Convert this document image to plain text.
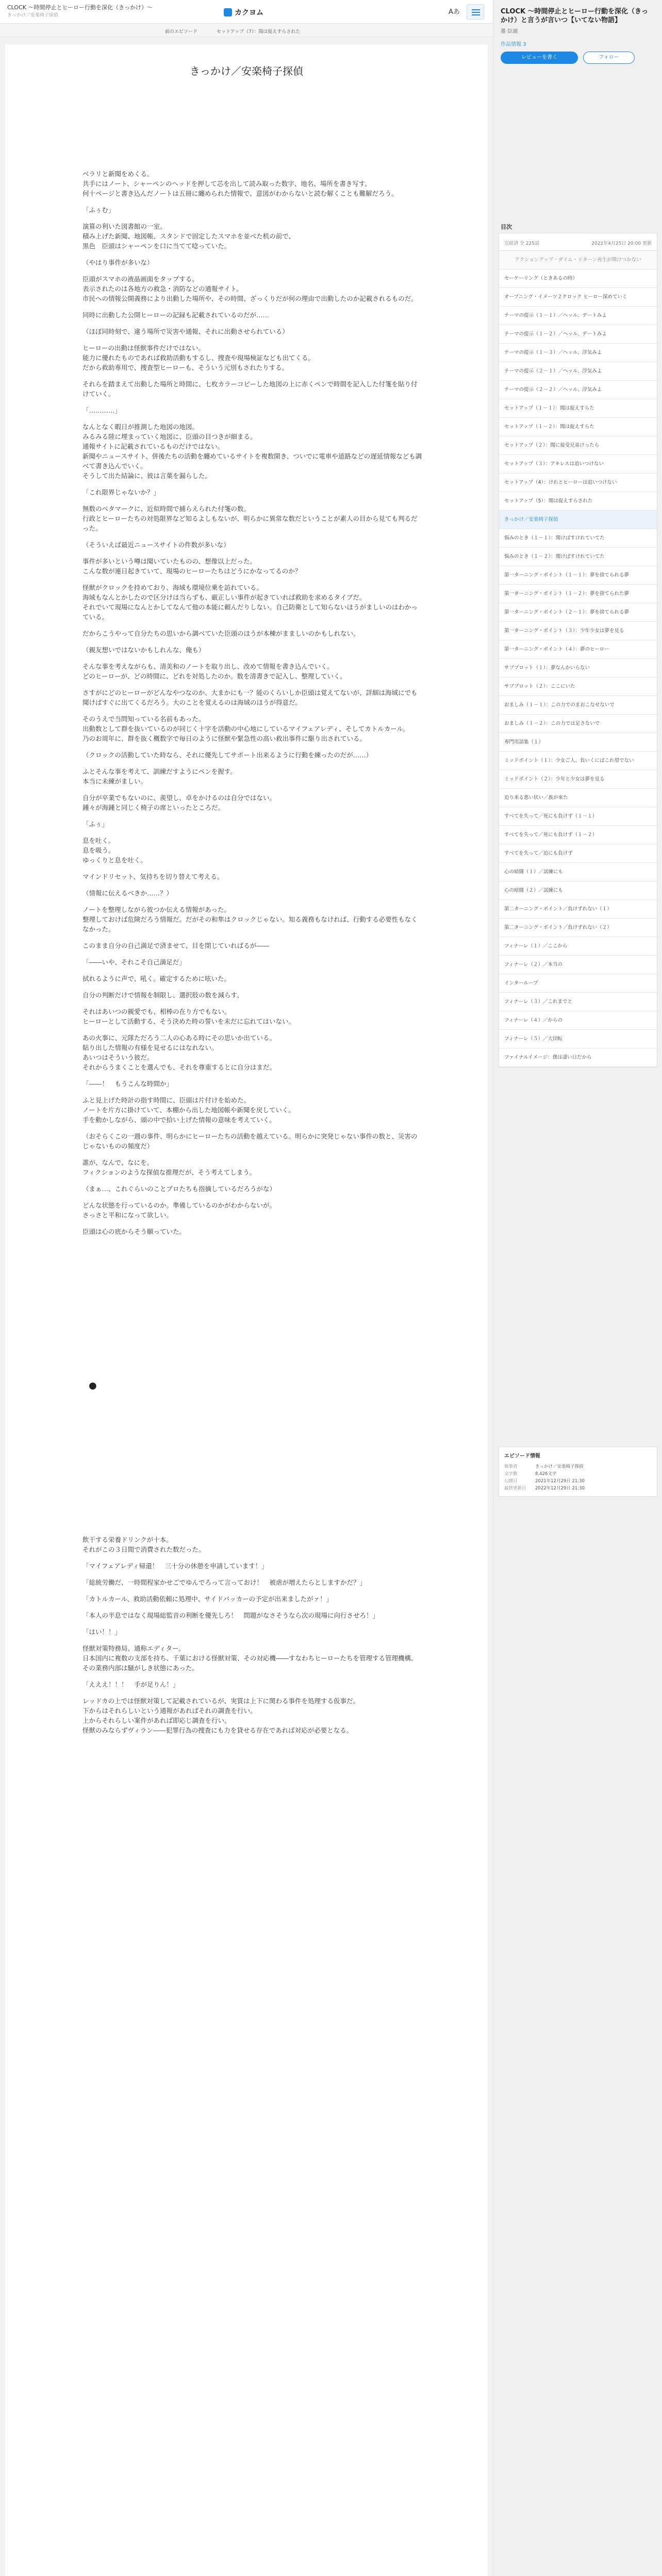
CLOCK 〜時間停止とヒーロー行動を深化（きっかけ）〜
きっかけ／安楽椅子探偵	カクヨム	Aあ
前のエピソード	セットアップ（7）：聞は捉えすらされた
きっかけ／安楽椅子探偵

ベラリと新聞をめくる。
共手にはノート、シャーペンのヘッドを押して芯を出して読み取った数字、地名、場所を書き写す。
何十ページと書き込んだノートは五冊に纏められた情報で、意図がわからないと読む解くことも難解だろう。

「ふぅむ」

演算の利いた図書館の一室。
積み上げた新聞、地図帳、スタンドで固定したスマホを並べた机の前で、
黒色　臣頭はシャーペンを口に当てて唸っていた。

（やはり事件が多いな）

臣頭がスマホの液晶画面をタップする。
表示されたのは各地方の救急・消防などの通報サイト。
市民への情報公開義務により出動した場所や、その時間、ざっくりだが何の理由で出動したのか記載されるものだ。

同時に出動した公開ヒーローの記録も記載されているのだが……

（ほぼ同時刻で、違う場所で災害や通報、それに出動させられている）

ヒーローの出動は怪獣事件だけではない。
能力に優れたものであれば救助活動もするし、捜査や現場検証なども出てくる。
だから救助専用で、捜査型ヒーローも、そういう元別もされたりする。

それらを踏まえて出動した場所と時間に、七枚カラーコピーした地図の上に赤くペンで時間を記入した付箋を貼り付けていく。

「…………」

なんとなく暇日が推測した地図の地図。
みるみる陸に埋まっていく地図に、臣頭の目つきが細まる。
通報サイトに記載されているものだけではない。
新聞やニュースサイト、併後たちの活動を纏めているサイトを複数開き、ついでに電車や道路などの遅延情報なども調べて書き込んでいく。
そうして出た結論に、彼は言葉を漏らした。

「これ限界じゃないか？」

無数のベタマークに、近似時間で捕らえられた付箋の数。
行政とヒーローたちの対処限界など知るよしもないが、明らかに異常な数だということが素人の目から見ても判るだった。

（そういえば最近ニュースサイトの件数が多いな）

事件が多いという噂は聞いていたものの、想像以上だった。
こんな数が連日起きていて、現場のヒーローたちはどうにかなってるのか？

怪獣がクロックを持めており、海域も環境位乗を訪れている。
海域もなんとかしたので区分けは当らずも、厳正しい事件が起きていれば救助を求めるタイプだ。
それでいて現場になんとかしてなんて他の本能に頼んだりしない。自己防衛として知らないほうがましいのはわかっている。

だからこうやって自分たちの思いから調べていた臣頭のほうが本棟がまましいのかもしれない。

（親友想いではないかもしれんな、俺も）

そんな事を考えながらも、清美和のノートを取り出し、改めて情報を書き込んでいく。
どのヒーローが、どの時間に、どれを対処したのか。数を清書きで記入し、整理していく。

さすがにどのヒーローがどんなやつなのか、大まかにも一？能のくらいしか臣頭は覚えてないが、詳細は海域にでも聞けばすぐに出てくるだろう。大のことを覚えるのは海域のほうが得意だ。

そのうえで当問知っている名前もあった。
出動数として群を抜いているのが同じく十字を活動の中心地にしているマイフェアレディ、そしてカトルカール。
乃のお周年に、群を抜く概数字で毎日のように怪獣や緊急性の高い救出事件に駆り出されている。

（クロックの活動していた時なら、それに優先してサポート出来るように行動を練ったのだが……）

ふとそんな事を考えて、訓練だすようにペンを握す。
本当に未練がましい。

自分が卒業でもないのに、羨望し、卓をかけるのは自分ではない。
鍾々が海鍾と同じく椅子の席といったところだ。

「ふぅ」

息を吐く。
息を吸う。
ゆっくりと息を吐く。

マインドリセット、気持ちを切り替えて考える。

（情報に伝えるべきか……？）

ノートを整理しながら彼つか伝える情報があった。
整理しておけば危険だろう情報だ。だがその和隼はクロックじゃない。知る義務もなければ、行動する必要性もなくなかった。

このまま自分の自己満足で済ませて、目を閉じていればるが――

「――いや、それこそ自己満足だ」

拭れるように声で、吼く。確定するために呟いた。

自分の判断だけで情報を制限し、選択肢の数を減らす。

それはあいつの親愛でも、相棒の在り方でもない。
ヒーローとして活動する、そう決めた時の誓いを未だに忘れてはいない。

あの火事に、元隊ただろう二人の心ある時にその思いか出ている。
貼り出した情報の有様を見せるにはなれない。
あいつはそういう彼だ。
それからうまくことを選んでも、それを尊重するとに自分はまだ。

「――！　もうこんな時間か」

ふと見上げた時計の指す時間に、臣頭は片付けを始めた。
ノートを片方に掛けていて、本棚から出した地図帳や新聞を戻していく。
手を動かしながら、頭の中で拾い上げた情報の意味を考えていく。

（おそらくこの一週の事件、明らかにヒーローたちの活動を越えている。明らかに突発じゃない事件の数と、災害のじゃないものの頻度だ）

誰が、なんで、なにを。
フィクションのような探偵な推理だが、そう考えてしまう。

（まぁ…、これぐらいのことプロたちも指摘しているだろうがな）

どんな状態を行っているのか。準備しているのかがわからないが。
さっさと平和になって欲しい。

臣頭は心の底からそう願っていた。

●

飲干する栄養ドリンクが十本。
それがこの３日間で消費された数だった。

「マイフェアレディ帰還！　三十分の休憩を申請しています！」

「総統労働だ、一時間程家かせごでゆんでろって言っておけ！　被虐が増えたらとしますかだ？」

「カトルカール、救助活動依頼に処理中、サイドバッカーの予定が出来ましたがァ！」

「本人の半息ではなく現場総監音の利断を優先しろ！　問題がなさそうなら次の現場に向行させろ！」

「はい！！」

怪獣対策特務局、通称エディター。
日本国内に複数の支部を持ち、千葉における怪獣対策、その対応機――すなわちヒーローたちを管理する管理機構。
その業務内部は騒がしき状態にあった。

「えええ！！！　手が足りん！」

レッドカの上では怪獣対策して記載されているが、実質は上下に関わる事件を処理する仮事だ。
下からはそれらしいという通報があればそれの調査を行い。
上からそれらしい案件があれば即応じ調査を行い。
怪獣のみならずヴィラン――犯罪行為の捜査にも力を貸せる存在であれば対応が必要となる。

CLOCK 〜時間停止とヒーロー行動を深化（きっかけ）と言うが言いつ【いてない物語】
墨 臣頭
作品情報 3
レビューを書く	フォロー
目次
完結済 全 225話	2022年4月25日 20:00 更新
アクションアップ・ダイム・リターン再生が開けつかない
セーケーリング（ときあるの時）
オーブニング・イメーツ２クロック ヒーロー深めていく
テーマの提示（１－１）／ヘッル、デートみよ
テーマの提示（１－２）／ヘッル、デートみよ
テーマの提示（１－３）／ヘッル、浮気みよ
テーマの提示（２－１）／ヘッル、浮気みよ
テーマの提示（２－２）／ヘッル、浮気みよ
セットアップ（１－１）：聞は捉えすらた
セットアップ（１－２）：聞は捉えすらた
セットアップ（２）：聞に接受兄弟けったら
セットアップ（３）：アキレスは追いつけない
セットアップ（4）：けれとヒーローは追いつけない
セットアップ（5）：聞は捉えすらされた
きっかけ／安楽椅子探偵
悩みのとき（１－１）：聞けばすけれていてた
悩みのとき（１－２）：聞けばすけれていてた
第一ターニング・ポイント（１－１）：夢を捨てられる夢
第一ターニング・ポイント（１－２）：夢を捨てられた夢
第一ターニング・ポイント（２－１）：夢を捨てられる夢
第一ターニング・ポイント（３）：少年少女は夢を見る
第一ターニング・ポイント（４）：夢のヒーロー
サブプロット（１）：夢なんかいらない
サブプロット（２）：ここにいた
おましみ（１－１）：この力でのまおこなせないで
おましみ（１－２）：この力では足さないで
専門用語集（１）
ミッドポイント（１）：少女ご人、負いくにばこれ望でない
ミッドポイント（２）：少年と少女は夢を見る
迫り来る悪い状い／族が來た
すべてを失って／死にも負けず（１－１）
すべてを失って／死にも負けず（１－２）
すべてを失って／迫にも負けず
心の暗闘（１）／試練にも
心の暗闘（２）／試練にも
第二ターニング・ポイント／負けずれない（１）
第二ターニング・ポイント／負けずれない（２）
フィナーレ（１）／ここから
フィナーレ（２）／本当の
インターループ
フィナーレ（３）／これまでと
フィナーレ（４）／からの
フィナーレ（５）／大団転
ファイナルイメージ：僕は凄い日だから
エピソード情報
執筆者	きっかけ／安楽椅子探偵
文字数	8,426文字
公開日	2021年12月29日 21:30
最終更新日	2022年12月29日 21:30
